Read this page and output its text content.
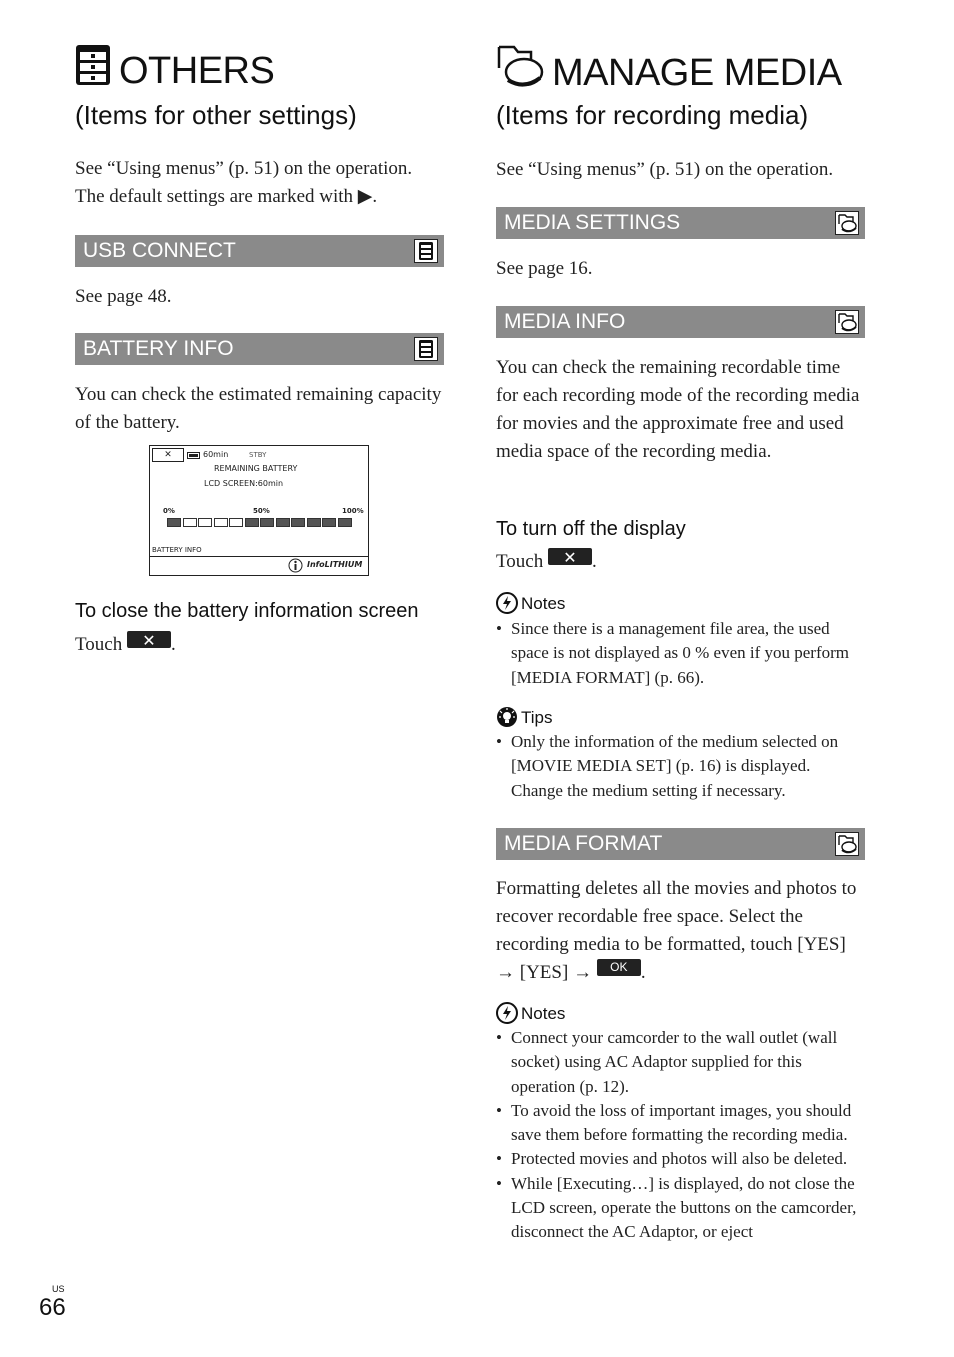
OTHERS
(Items for other settings)
See “Using menus” (p. 51) on the operation.
The default settings are marked with ▶.
USB CONNECT
See page 48.
BATTERY INFO
You can check the estimated remaining capacity of the battery.
✕	60min	STBY
REMAINING BATTERY
LCD SCREEN:60min
0%	50%	100%
BATTERY INFO
InfoLITHIUM
To close the battery information screen
Touch	✕ .
MANAGE MEDIA
(Items for recording media)
See “Using menus” (p. 51) on the operation.
MEDIA SETTINGS
See page 16.
MEDIA INFO
You can check the remaining recordable time for each recording mode of the recording media for movies and the approximate free and used media space of the recording media.
To turn off the display
Touch	✕ .
Notes
• Since there is a management file area, the used space is not displayed as 0 % even if you perform [MEDIA FORMAT] (p. 66).
Tips
• Only the information of the medium selected on [MOVIE MEDIA SET] (p. 16) is displayed. Change the medium setting if necessary.
MEDIA FORMAT
Formatting deletes all the movies and photos to recover recordable free space. Select the recording media to be formatted, touch [YES] → [YES] →	OK .
Notes
• Connect your camcorder to the wall outlet (wall socket) using AC Adaptor supplied for this operation (p. 12).
• To avoid the loss of important images, you should save them before formatting the recording media.
• Protected movies and photos will also be deleted.
• While [Executing…] is displayed, do not close the LCD screen, operate the buttons on the camcorder, disconnect the AC Adaptor, or eject
US
66
